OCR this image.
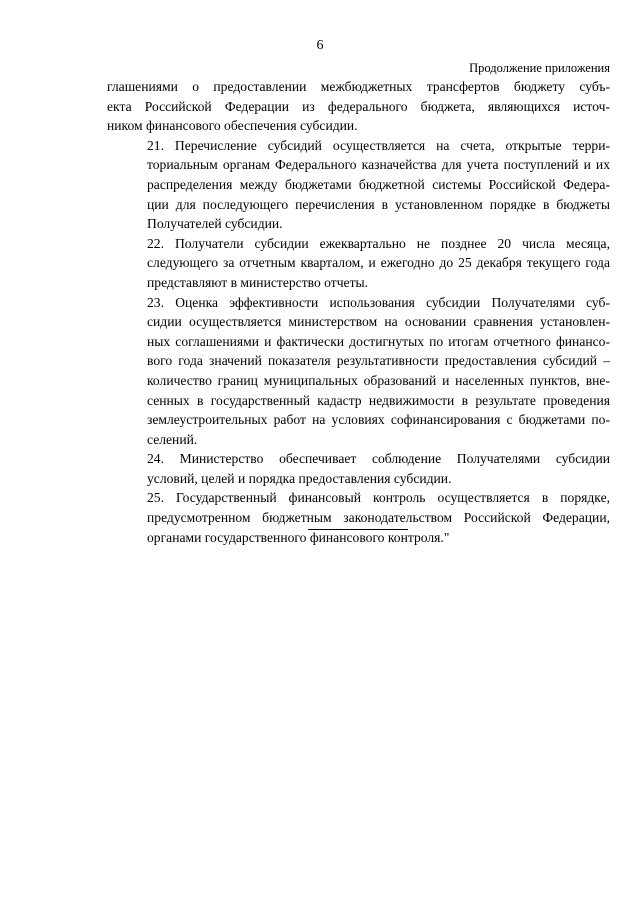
6
Продолжение приложения

глашениями о предоставлении межбюджетных трансфертов бюджету субъ-
екта Российской Федерации из федерального бюджета, являющихся источ-
ником финансового обеспечения субсидии.

21. Перечисление субсидий осуществляется на счета, открытые терри-
ториальным органам Федерального казначейства для учета поступлений и их
распределения между бюджетами бюджетной системы Российской Федера-
ции для последующего перечисления в установленном порядке в бюджеты
Получателей субсидии.

22. Получатели субсидии ежеквартально не позднее 20 числа месяца,
следующего за отчетным кварталом, и ежегодно до 25 декабря текущего года
представляют в министерство отчеты.

23. Оценка эффективности использования субсидии Получателями суб-
сидии осуществляется министерством на основании сравнения установлен-
ных соглашениями и фактически достигнутых по итогам отчетного финансо-
вого года значений показателя результативности предоставления субсидий –
количество границ муниципальных образований и населенных пунктов, вне-
сенных в государственный кадастр недвижимости в результате проведения
землеустроительных работ на условиях софинансирования с бюджетами по-
селений.

24. Министерство обеспечивает соблюдение Получателями субсидии
условий, целей и порядка предоставления субсидии.

25. Государственный финансовый контроль осуществляется в порядке,
предусмотренном бюджетным законодательством Российской Федерации,
органами государственного финансового контроля."
